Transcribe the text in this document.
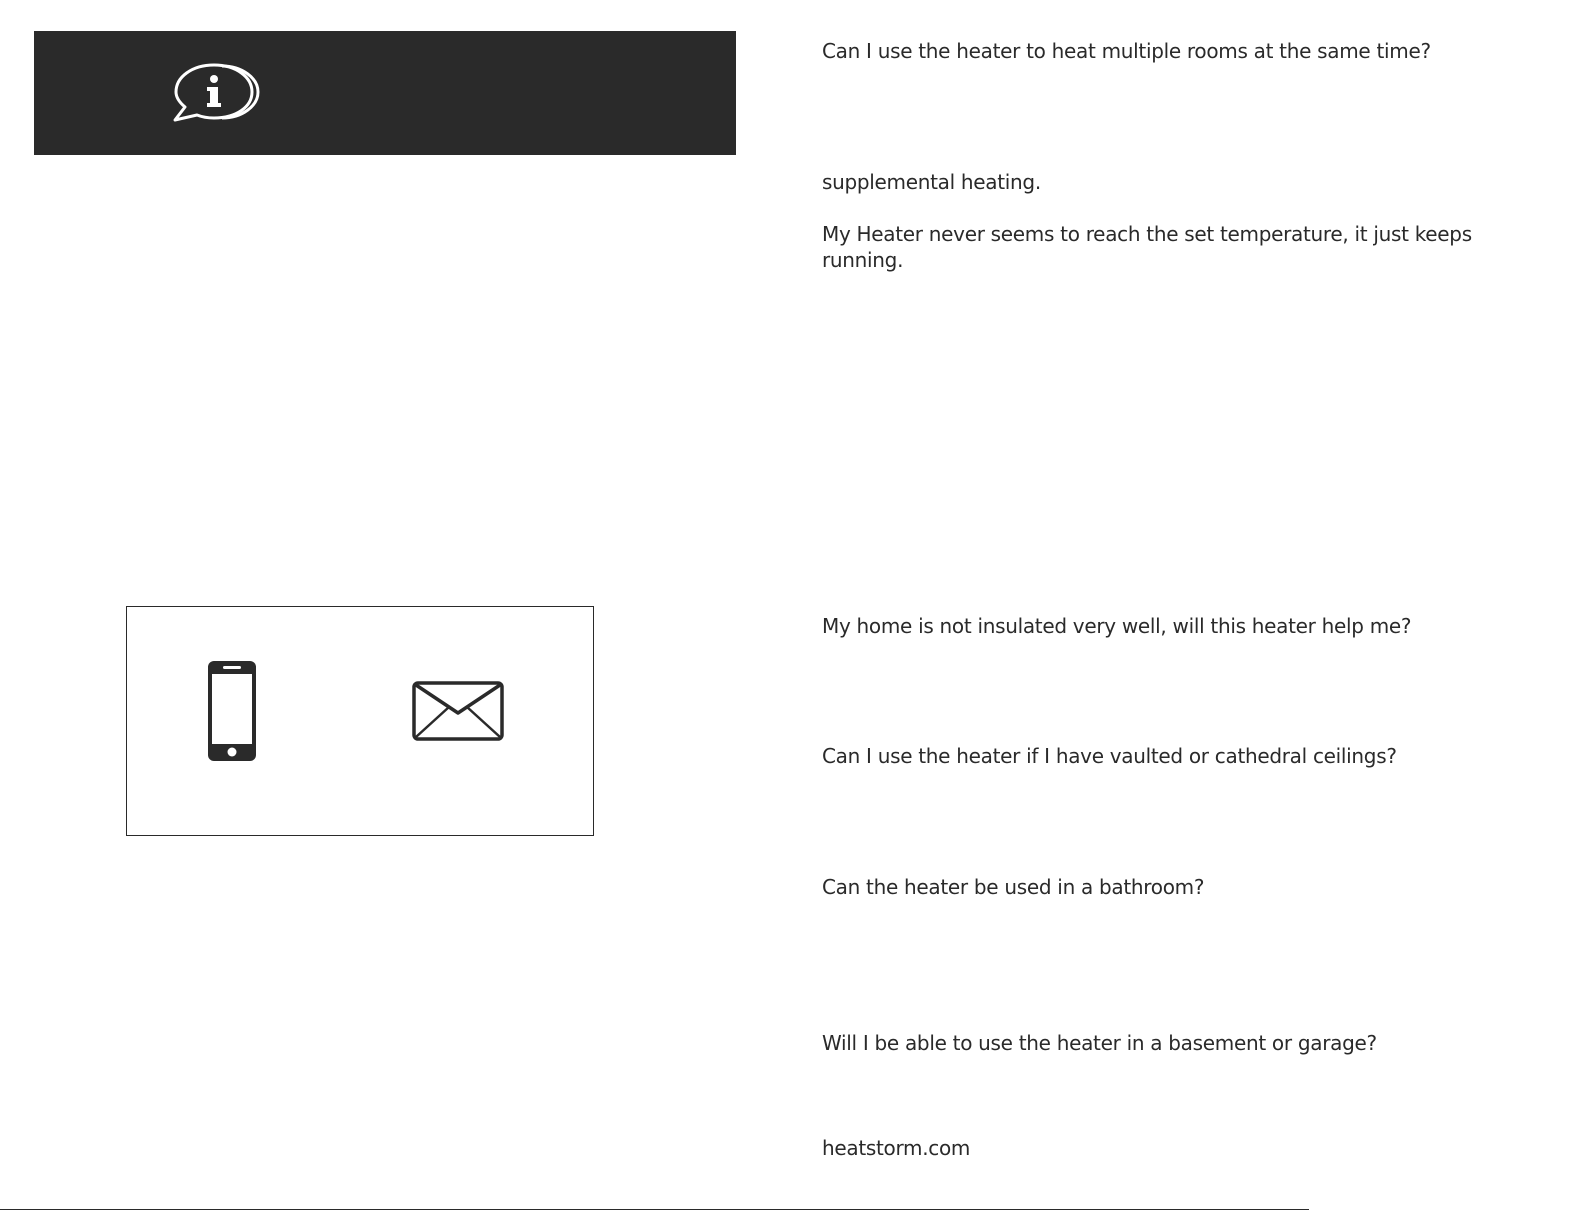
Can I use the heater to heat multiple rooms at the same time?

supplemental heating.

My Heater never seems to reach the set temperature, it just keeps running.

My home is not insulated very well, will this heater help me?

Can I use the heater if I have vaulted or cathedral ceilings?

Can the heater be used in a bathroom?

Will I be able to use the heater in a basement or garage?

heatstorm.com
